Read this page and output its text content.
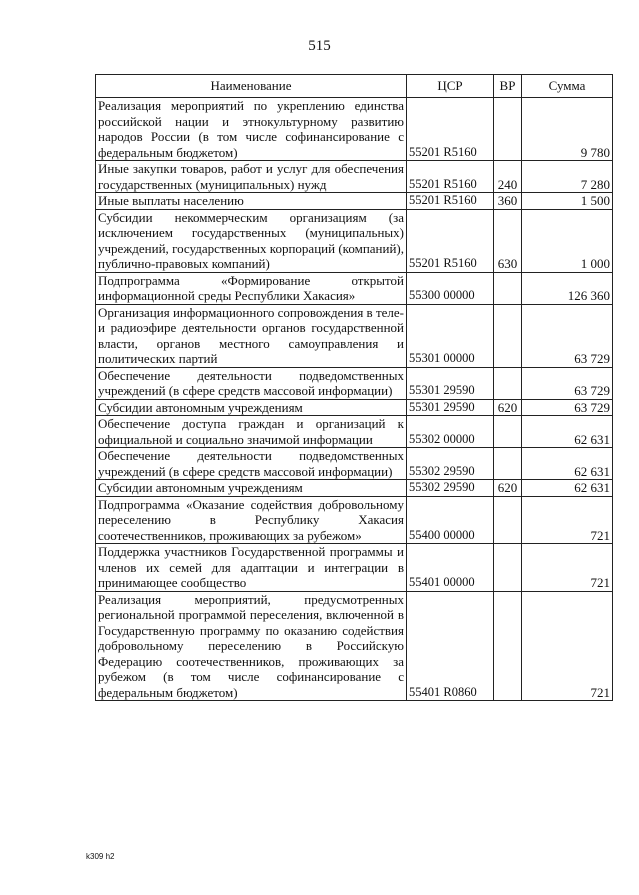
515
Наименование	ЦСР	ВР	Сумма
Реализация мероприятий по укреплению единства российской нации и этнокультурному развитию народов России (в том числе софинансирование с федеральным бюджетом)	55201 R5160		9 780
Иные закупки товаров, работ и услуг для обеспечения государственных (муниципальных) нужд	55201 R5160	240	7 280
Иные выплаты населению	55201 R5160	360	1 500
Субсидии некоммерческим организациям (за исключением государственных (муниципальных) учреждений, государственных корпораций (компаний), публично-правовых компаний)	55201 R5160	630	1 000
Подпрограмма «Формирование открытой информационной среды Республики Хакасия»	55300 00000		126 360
Организация информационного сопровождения в теле- и радиоэфире деятельности органов государственной власти, органов местного самоуправления и политических партий	55301 00000		63 729
Обеспечение деятельности подведомственных учреждений (в сфере средств массовой информации)	55301 29590		63 729
Субсидии автономным учреждениям	55301 29590	620	63 729
Обеспечение доступа граждан и организаций к официальной и социально значимой информации	55302 00000		62 631
Обеспечение деятельности подведомственных учреждений (в сфере средств массовой информации)	55302 29590		62 631
Субсидии автономным учреждениям	55302 29590	620	62 631
Подпрограмма «Оказание содействия добровольному переселению в Республику Хакасия соотечественников, проживающих за рубежом»	55400 00000		721
Поддержка участников Государственной программы и членов их семей для адаптации и интеграции в принимающее сообщество	55401 00000		721
Реализация мероприятий, предусмотренных региональной программой переселения, включенной в Государственную программу по оказанию содействия добровольному переселению в Российскую Федерацию соотечественников, проживающих за рубежом (в том числе софинансирование с федеральным бюджетом)	55401 R0860		721
k309 h2
